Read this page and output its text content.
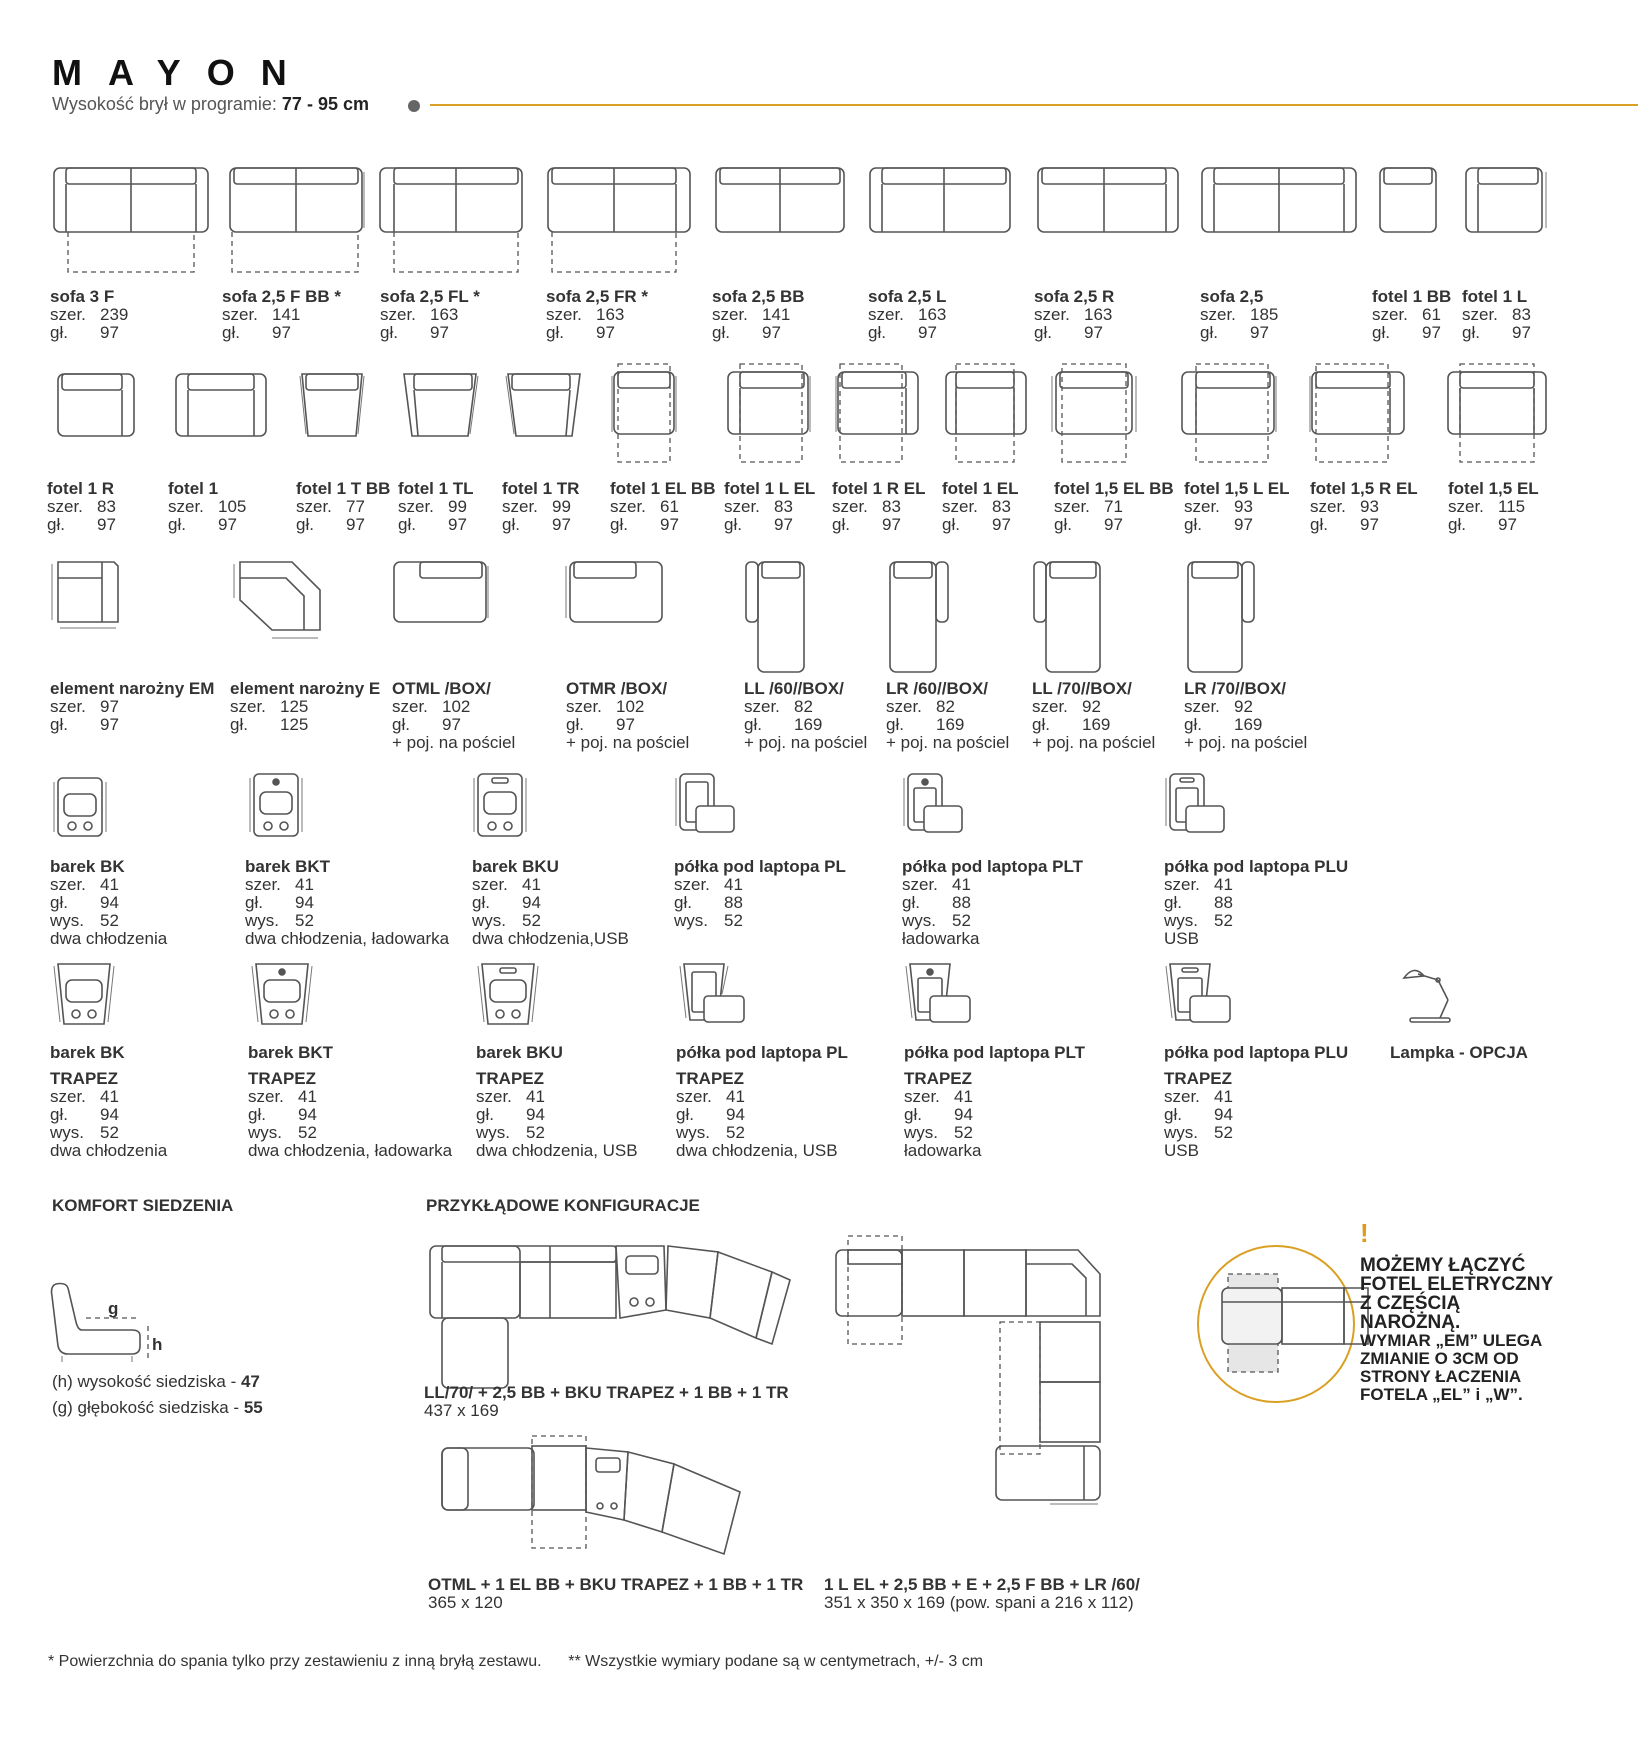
MAYON
Wysokość brył w programie: 77 - 95 cm
sofa 3 F
szer. 239
gł. 97
sofa 2,5 F BB *
szer. 141
gł. 97
sofa 2,5 FL *
szer. 163
gł. 97
sofa 2,5 FR *
szer. 163
gł. 97
sofa 2,5 BB
szer. 141
gł. 97
sofa 2,5 L
szer. 163
gł. 97
sofa 2,5 R
szer. 163
gł. 97
sofa 2,5
szer. 185
gł. 97
fotel 1 BB
szer. 61
gł. 97
fotel 1 L
szer. 83
gł. 97
fotel 1 R
szer. 83
gł. 97
fotel 1
szer. 105
gł. 97
fotel 1 T BB
szer. 77
gł. 97
fotel 1 TL
szer. 99
gł. 97
fotel 1 TR
szer. 99
gł. 97
fotel 1 EL BB
szer. 61
gł. 97
fotel 1 L EL
szer. 83
gł. 97
fotel 1 R EL
szer. 83
gł. 97
fotel 1 EL
szer. 83
gł. 97
fotel 1,5 EL BB
szer. 71
gł. 97
fotel 1,5 L EL
szer. 93
gł. 97
fotel 1,5 R EL
szer. 93
gł. 97
fotel 1,5 EL
szer. 115
gł. 97
element narożny EM
szer. 97
gł. 97
element narożny E
szer. 125
gł. 125
OTML /BOX/
szer. 102
gł. 97
+ poj. na pościel
OTMR /BOX/
szer. 102
gł. 97
+ poj. na pościel
LL /60//BOX/
szer. 82
gł. 169
+ poj. na pościel
LR /60//BOX/
szer. 82
gł. 169
+ poj. na pościel
LL /70//BOX/
szer. 92
gł. 169
+ poj. na pościel
LR /70//BOX/
szer. 92
gł. 169
+ poj. na pościel
barek BK
szer. 41
gł. 94
wys. 52
dwa chłodzenia
barek BKT
szer. 41
gł. 94
wys. 52
dwa chłodzenia, ładowarka
barek BKU
szer. 41
gł. 94
wys. 52
dwa chłodzenia,USB
półka pod laptopa PL
szer. 41
gł. 88
wys. 52
półka pod laptopa PLT
szer. 41
gł. 88
wys. 52
ładowarka
półka pod laptopa PLU
szer. 41
gł. 88
wys. 52
USB
barek BK
TRAPEZ
szer. 41
gł. 94
wys. 52
dwa chłodzenia
barek BKT
TRAPEZ
szer. 41
gł. 94
wys. 52
dwa chłodzenia, ładowarka
barek BKU
TRAPEZ
szer. 41
gł. 94
wys. 52
dwa chłodzenia, USB
półka pod laptopa PL
TRAPEZ
szer. 41
gł. 94
wys. 52
dwa chłodzenia, USB
półka pod laptopa PLT
TRAPEZ
szer. 41
gł. 94
wys. 52
ładowarka
półka pod laptopa PLU
TRAPEZ
szer. 41
gł. 94
wys. 52
USB
Lampka - OPCJA
KOMFORT SIEDZENIA
g
h
(h) wysokość siedziska - 47
(g) głębokość siedziska - 55
PRZYKŁĄDOWE KONFIGURACJE
LL/70/ + 2,5 BB + BKU TRAPEZ + 1 BB + 1 TR
437 x 169
OTML + 1 EL BB + BKU TRAPEZ + 1 BB + 1 TR
365 x 120
1 L EL + 2,5 BB + E + 2,5 F BB + LR /60/
351 x 350 x 169 (pow. spani a 216 x 112)
!
MOŻEMY ŁĄCZYĆ FOTEL ELETRYCZNY Z CZĘŚCIĄ NAROŻNĄ.
WYMIAR „EM” ULEGA ZMIANIE O 3CM OD STRONY ŁACZENIA FOTELA „EL” i „W”.
* Powierzchnia do spania tylko przy zestawieniu z inną bryłą zestawu. ** Wszystkie wymiary podane są w centymetrach, +/- 3 cm
